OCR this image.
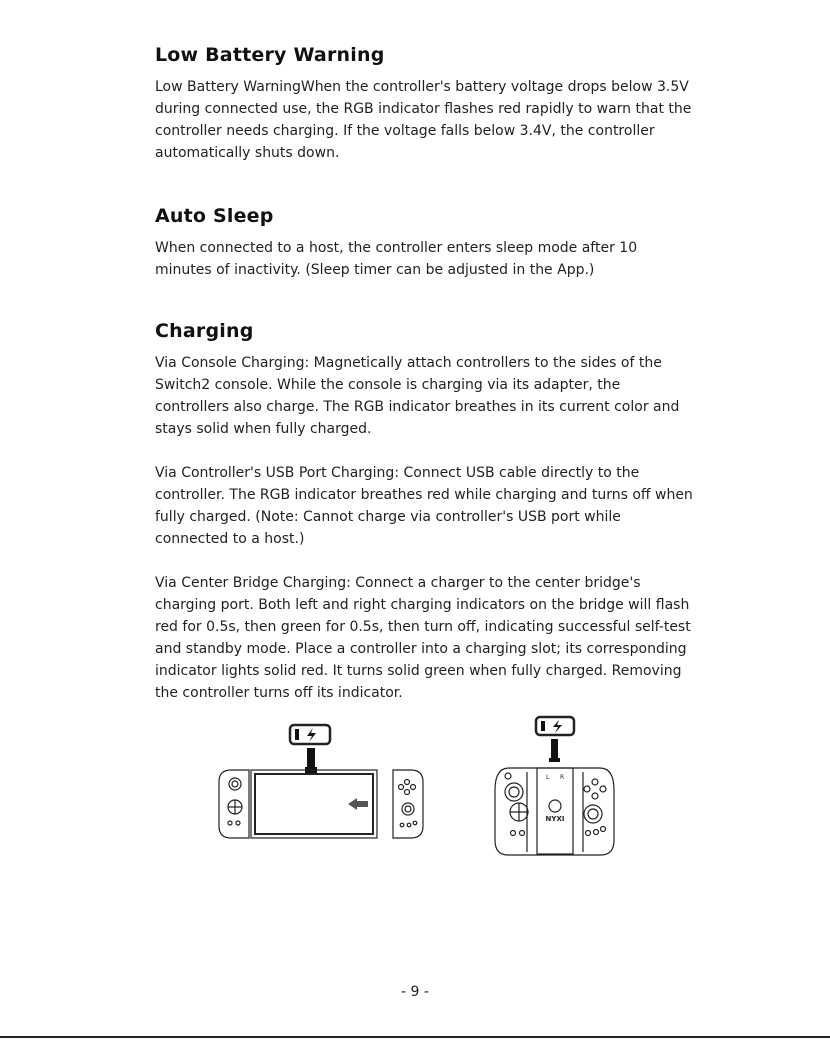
Low Battery Warning

Low Battery WarningWhen the controller's battery voltage drops below 3.5V during connected use, the RGB indicator flashes red rapidly to warn that the controller needs charging. If the voltage falls below 3.4V, the controller automatically shuts down.

Auto Sleep

When connected to a host, the controller enters sleep mode after 10 minutes of inactivity. (Sleep timer can be adjusted in the App.)

Charging

Via Console Charging: Magnetically attach controllers to the sides of the Switch2 console. While the console is charging via its adapter, the controllers also charge. The RGB indicator breathes in its current color and stays solid when fully charged.

Via Controller's USB Port Charging: Connect USB cable directly to the controller. The RGB indicator breathes red while charging and turns off when fully charged. (Note: Cannot charge via controller's USB port while connected to a host.)

Via Center Bridge Charging: Connect a charger to the center bridge's charging port. Both left and right charging indicators on the bridge will flash red for 0.5s, then green for 0.5s, then turn off, indicating successful self-test and standby mode. Place a controller into a charging slot; its corresponding indicator lights solid red. It turns solid green when fully charged. Removing the controller turns off its indicator.

L R
NYXI
- 9 -
